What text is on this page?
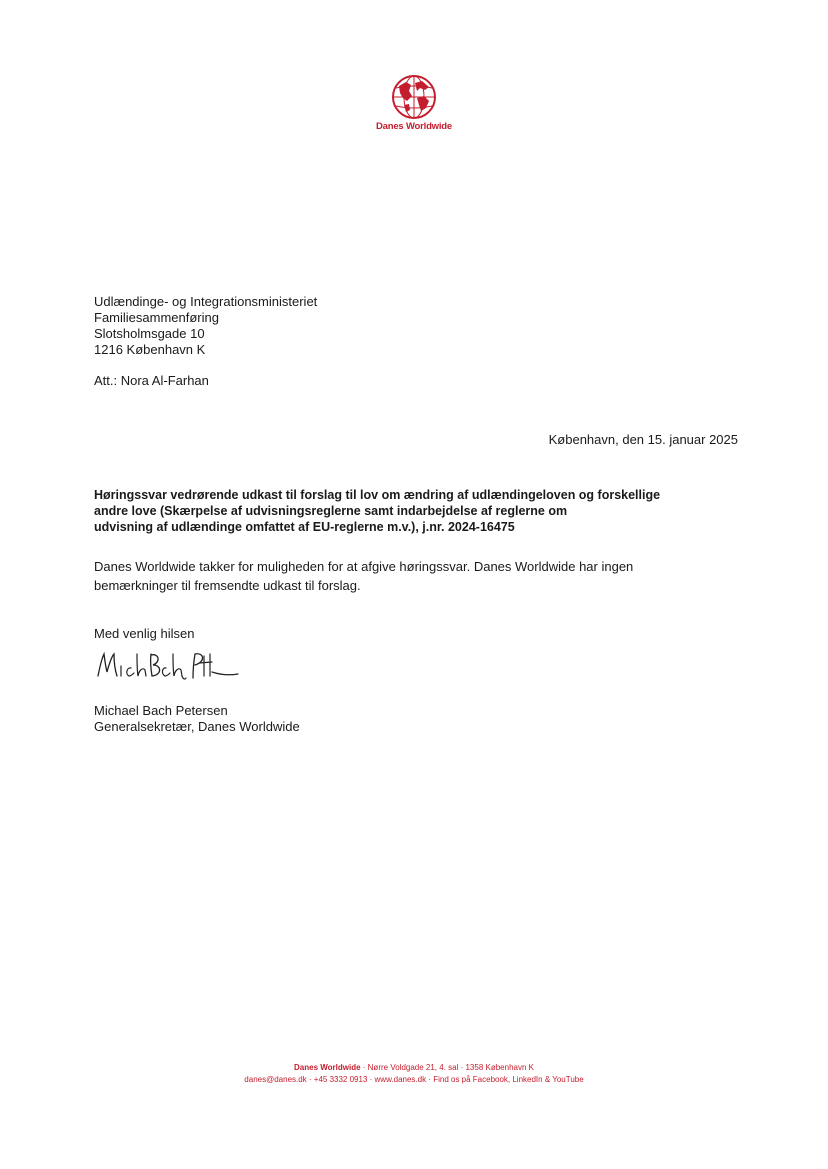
Danes Worldwide
Udlændinge- og Integrationsministeriet
Familiesammenføring
Slotsholmsgade 10
1216 København K
Att.: Nora Al-Farhan
København, den 15. januar 2025
Høringssvar vedrørende udkast til forslag til lov om ændring af udlændingeloven og forskellige
andre love (Skærpelse af udvisningsreglerne samt indarbejdelse af reglerne om
udvisning af udlændinge omfattet af EU-reglerne m.v.), j.nr. 2024-16475
Danes Worldwide takker for muligheden for at afgive høringssvar. Danes Worldwide har ingen
bemærkninger til fremsendte udkast til forslag.
Med venlig hilsen
Michael Bach Petersen
Generalsekretær, Danes Worldwide
Danes Worldwide · Nørre Voldgade 21, 4. sal · 1358 København K
danes@danes.dk · +45 3332 0913 · www.danes.dk · Find os på Facebook, LinkedIn & YouTube
